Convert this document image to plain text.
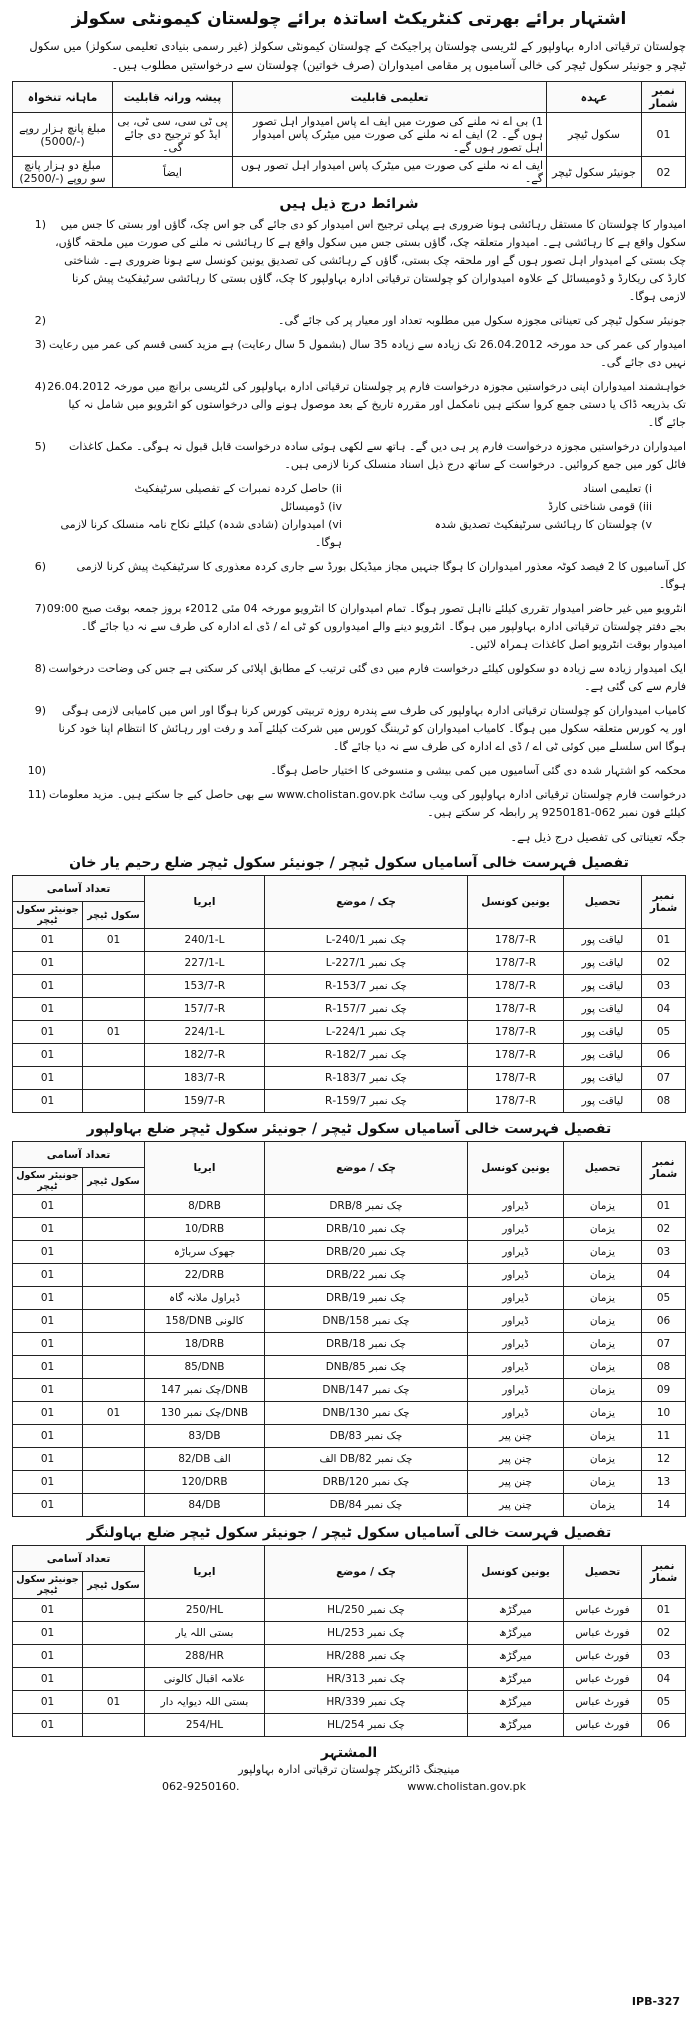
اشتہار برائے بھرتی کنٹریکٹ اساتذہ برائے چولستان کیمونٹی سکولز
چولستان ترقیاتی ادارہ بہاولپور کے لٹریسی چولستان پراجیکٹ کے چولستان کیمونٹی سکولز (غیر رسمی بنیادی تعلیمی سکولز) میں سکول ٹیچر و جونیئر سکول ٹیچر کی خالی آسامیوں پر مقامی امیدواران (صرف خواتین) چولستان سے درخواستیں مطلوب ہیں۔
نمبر شمار	عہدہ	تعلیمی قابلیت	پیشہ ورانہ قابلیت	ماہانہ تنخواہ
01	سکول ٹیچر	1) بی اے نہ ملنے کی صورت میں ایف اے پاس امیدوار اہل تصور ہوں گے۔ 2) ایف اے نہ ملنے کی صورت میں میٹرک پاس امیدوار اہل تصور ہوں گے۔	پی ٹی سی، سی ٹی، بی ایڈ کو ترجیح دی جائے گی۔	مبلغ پانچ ہزار روپے (-/5000)
02	جونیئر سکول ٹیچر	ایف اے نہ ملنے کی صورت میں میٹرک پاس امیدوار اہل تصور ہوں گے۔	ایضاً	مبلغ دو ہزار پانچ سو روپے (-/2500)
شرائط درج ذیل ہیں
امیدوار کا چولستان کا مستقل رہائشی ہونا ضروری ہے پہلی ترجیح اس امیدوار کو دی جائے گی جو اس چک، گاؤں اور بستی کا جس میں سکول واقع ہے کا رہائشی ہے۔ امیدوار متعلقہ چک، گاؤں بستی جس میں سکول واقع ہے کا رہائشی نہ ملنے کی صورت میں ملحقہ گاؤں، چک بستی کے امیدوار اہل تصور ہوں گے اور ملحقہ چک بستی، گاؤں کے رہائشی کی تصدیق یونین کونسل سے ہونا ضروری ہے۔ شناختی کارڈ کی ریکارڈ و ڈومیسائل کے علاوہ امیدواران کو چولستان ترقیاتی ادارہ بہاولپور کا چک، گاؤں بستی کا رہائشی سرٹیفکیٹ پیش کرنا لازمی ہوگا۔
1)
جونیئر سکول ٹیچر کی تعیناتی مجوزہ سکول میں مطلوبہ تعداد اور معیار پر کی جائے گی۔
2)
امیدوار کی عمر کی حد مورخہ 26.04.2012 تک زیادہ سے زیادہ 35 سال (بشمول 5 سال رعایت) ہے مزید کسی قسم کی عمر میں رعایت نہیں دی جائے گی۔
3)
خواہشمند امیدواران اپنی درخواستیں مجوزہ درخواست فارم پر چولستان ترقیاتی ادارہ بہاولپور کی لٹریسی برانچ میں مورخہ 26.04.2012 تک بذریعہ ڈاک یا دستی جمع کروا سکتے ہیں نامکمل اور مقررہ تاریخ کے بعد موصول ہونے والی درخواستوں کو انٹرویو میں شامل نہ کیا جائے گا۔
4)
امیدواران درخواستیں مجوزہ درخواست فارم پر ہی دیں گے۔ ہاتھ سے لکھی ہوئی سادہ درخواست قابل قبول نہ ہوگی۔ مکمل کاغذات فائل کور میں جمع کروائیں۔ درخواست کے ساتھ درج ذیل اسناد منسلک کرنا لازمی ہیں۔
5)
i) تعلیمی اسناد
ii) حاصل کردہ نمبرات کے تفصیلی سرٹیفکیٹ
iii) قومی شناختی کارڈ
iv) ڈومیسائل
v) چولستان کا رہائشی سرٹیفکیٹ تصدیق شدہ
vi) امیدواران (شادی شدہ) کیلئے نکاح نامہ منسلک کرنا لازمی ہوگا۔
کل آسامیوں کا 2 فیصد کوٹہ معذور امیدواران کا ہوگا جنہیں مجاز میڈیکل بورڈ سے جاری کردہ معذوری کا سرٹیفکیٹ پیش کرنا لازمی ہوگا۔
6)
انٹرویو میں غیر حاضر امیدوار تقرری کیلئے نااہل تصور ہوگا۔ تمام امیدواران کا انٹرویو مورخہ 04 مئی 2012ء بروز جمعہ بوقت صبح 09:00 بجے دفتر چولستان ترقیاتی ادارہ بہاولپور میں ہوگا۔ انٹرویو دینے والے امیدواروں کو ٹی اے / ڈی اے ادارہ کی طرف سے نہ دیا جائے گا۔ امیدوار بوقت انٹرویو اصل کاغذات ہمراہ لائیں۔
7)
ایک امیدوار زیادہ سے زیادہ دو سکولوں کیلئے درخواست فارم میں دی گئی ترتیب کے مطابق اپلائی کر سکتی ہے جس کی وضاحت درخواست فارم سے کی گئی ہے۔
8)
کامیاب امیدواران کو چولستان ترقیاتی ادارہ بہاولپور کی طرف سے پندرہ روزہ تربیتی کورس کرنا ہوگا اور اس میں کامیابی لازمی ہوگی اور یہ کورس متعلقہ سکول میں ہوگا۔ کامیاب امیدواران کو ٹریننگ کورس میں شرکت کیلئے آمد و رفت اور رہائش کا انتظام اپنا خود کرنا ہوگا اس سلسلے میں کوئی ٹی اے / ڈی اے ادارہ کی طرف سے نہ دیا جائے گا۔
9)
محکمہ کو اشتہار شدہ دی گئی آسامیوں میں کمی بیشی و منسوخی کا اختیار حاصل ہوگا۔
10)
درخواست فارم چولستان ترقیاتی ادارہ بہاولپور کی ویب سائٹ www.cholistan.gov.pk سے بھی حاصل کیے جا سکتے ہیں۔ مزید معلومات کیلئے فون نمبر 062-9250181 پر رابطہ کر سکتے ہیں۔
11)
جگہ تعیناتی کی تفصیل درج ذیل ہے۔
تفصیل فہرست خالی آسامیاں سکول ٹیچر / جونیئر سکول ٹیچر ضلع رحیم یار خان
نمبر شمار	تحصیل	یونین کونسل	چک / موضع	ایریا	تعداد آسامی	
					سکول ٹیچر	جونیئر سکول ٹیچر
01	لیاقت پور	178/7-R	چک نمبر 240/1-L	240/1-L	01	01
02	لیاقت پور	178/7-R	چک نمبر 227/1-L	227/1-L		01
03	لیاقت پور	178/7-R	چک نمبر 153/7-R	153/7-R		01
04	لیاقت پور	178/7-R	چک نمبر 157/7-R	157/7-R		01
05	لیاقت پور	178/7-R	چک نمبر 224/1-L	224/1-L	01	01
06	لیاقت پور	178/7-R	چک نمبر 182/7-R	182/7-R		01
07	لیاقت پور	178/7-R	چک نمبر 183/7-R	183/7-R		01
08	لیاقت پور	178/7-R	چک نمبر 159/7-R	159/7-R		01
تفصیل فہرست خالی آسامیاں سکول ٹیچر / جونیئر سکول ٹیچر ضلع بہاولپور
نمبر شمار	تحصیل	یونین کونسل	چک / موضع	ایریا	تعداد آسامی	
					سکول ٹیچر	جونیئر سکول ٹیچر
01	یزمان	ڈیراور	چک نمبر 8/DRB	8/DRB		01
02	یزمان	ڈیراور	چک نمبر 10/DRB	10/DRB		01
03	یزمان	ڈیراور	چک نمبر 20/DRB	جھوک سرباڑہ		01
04	یزمان	ڈیراور	چک نمبر 22/DRB	22/DRB		01
05	یزمان	ڈیراور	چک نمبر 19/DRB	ڈیراول ملانہ گاہ		01
06	یزمان	ڈیراور	چک نمبر 158/DNB	158/DNB کالونی		01
07	یزمان	ڈیراور	چک نمبر 18/DRB	18/DRB		01
08	یزمان	ڈیراور	چک نمبر 85/DNB	85/DNB		01
09	یزمان	ڈیراور	چک نمبر 147/DNB	چک نمبر 147/DNB		01
10	یزمان	ڈیراور	چک نمبر 130/DNB	چک نمبر 130/DNB	01	01
11	یزمان	چنن پیر	چک نمبر 83/DB	83/DB		01
12	یزمان	چنن پیر	چک نمبر 82/DB الف	82/DB الف		01
13	یزمان	چنن پیر	چک نمبر 120/DRB	120/DRB		01
14	یزمان	چنن پیر	چک نمبر 84/DB	84/DB		01
تفصیل فہرست خالی آسامیاں سکول ٹیچر / جونیئر سکول ٹیچر ضلع بہاولنگر
نمبر شمار	تحصیل	یونین کونسل	چک / موضع	ایریا	تعداد آسامی	
					سکول ٹیچر	جونیئر سکول ٹیچر
01	فورٹ عباس	میرگڑھ	چک نمبر 250/HL	250/HL		01
02	فورٹ عباس	میرگڑھ	چک نمبر 253/HL	بستی اللہ یار		01
03	فورٹ عباس	میرگڑھ	چک نمبر 288/HR	288/HR		01
04	فورٹ عباس	میرگڑھ	چک نمبر 313/HR	علامہ اقبال کالونی		01
05	فورٹ عباس	میرگڑھ	چک نمبر 339/HR	بستی اللہ دیوایہ دار	01	01
06	فورٹ عباس	میرگڑھ	چک نمبر 254/HL	254/HL		01
المشتہر
مینیجنگ ڈائریکٹر چولستان ترقیاتی ادارہ بہاولپور
062-9250160.	www.cholistan.gov.pk
IPB-327
